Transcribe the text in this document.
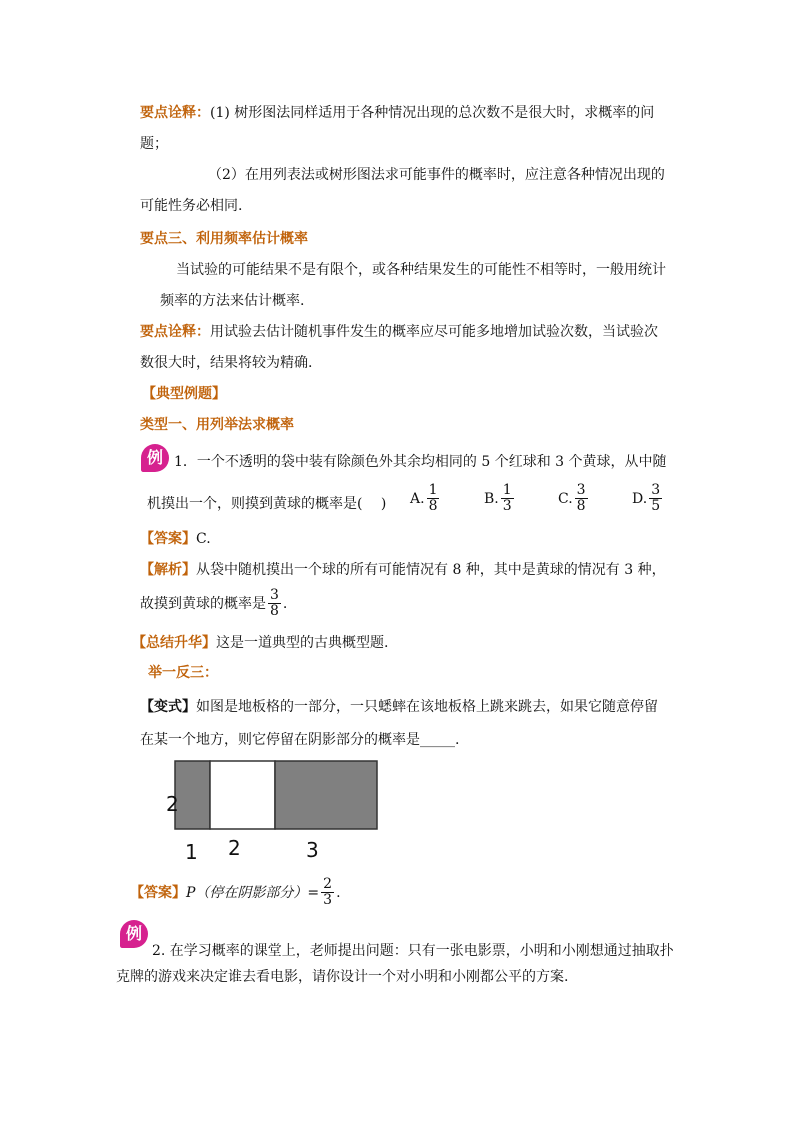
要点诠释：(1) 树形图法同样适用于各种情况出现的总次数不是很大时，求概率的问
题；
（2）在用列表法或树形图法求可能事件的概率时，应注意各种情况出现的
可能性务必相同.
要点三、利用频率估计概率
当试验的可能结果不是有限个，或各种结果发生的可能性不相等时，一般用统计
频率的方法来估计概率.
要点诠释：用试验去估计随机事件发生的概率应尽可能多地增加试验次数，当试验次
数很大时，结果将较为精确.
【典型例题】
类型一、用列举法求概率
例 1．一个不透明的袋中装有除颜色外其余均相同的 5 个红球和 3 个黄球，从中随
机摸出一个，则摸到黄球的概率是(　 ) A. $\frac{1}{8}$	B. $\frac{1}{3}$	C. $\frac{3}{8}$	D. $\frac{3}{5}$
【答案】C.
【解析】从袋中随机摸出一个球的所有可能情况有 8 种，其中是黄球的情况有 3 种，
故摸到黄球的概率是 $\frac{3}{8}$ .
【总结升华】这是一道典型的古典概型题.
举一反三：
【变式】如图是地板格的一部分，一只蟋蟀在该地板格上跳来跳去，如果它随意停留
在某一个地方，则它停留在阴影部分的概率是_____.
2
1 2	3
【答案】 P（停在阴影部分）= $\frac{2}{3}$ .
例
2. 在学习概率的课堂上，老师提出问题：只有一张电影票，小明和小刚想通过抽取扑
克牌的游戏来决定谁去看电影，请你设计一个对小明和小刚都公平的方案.
